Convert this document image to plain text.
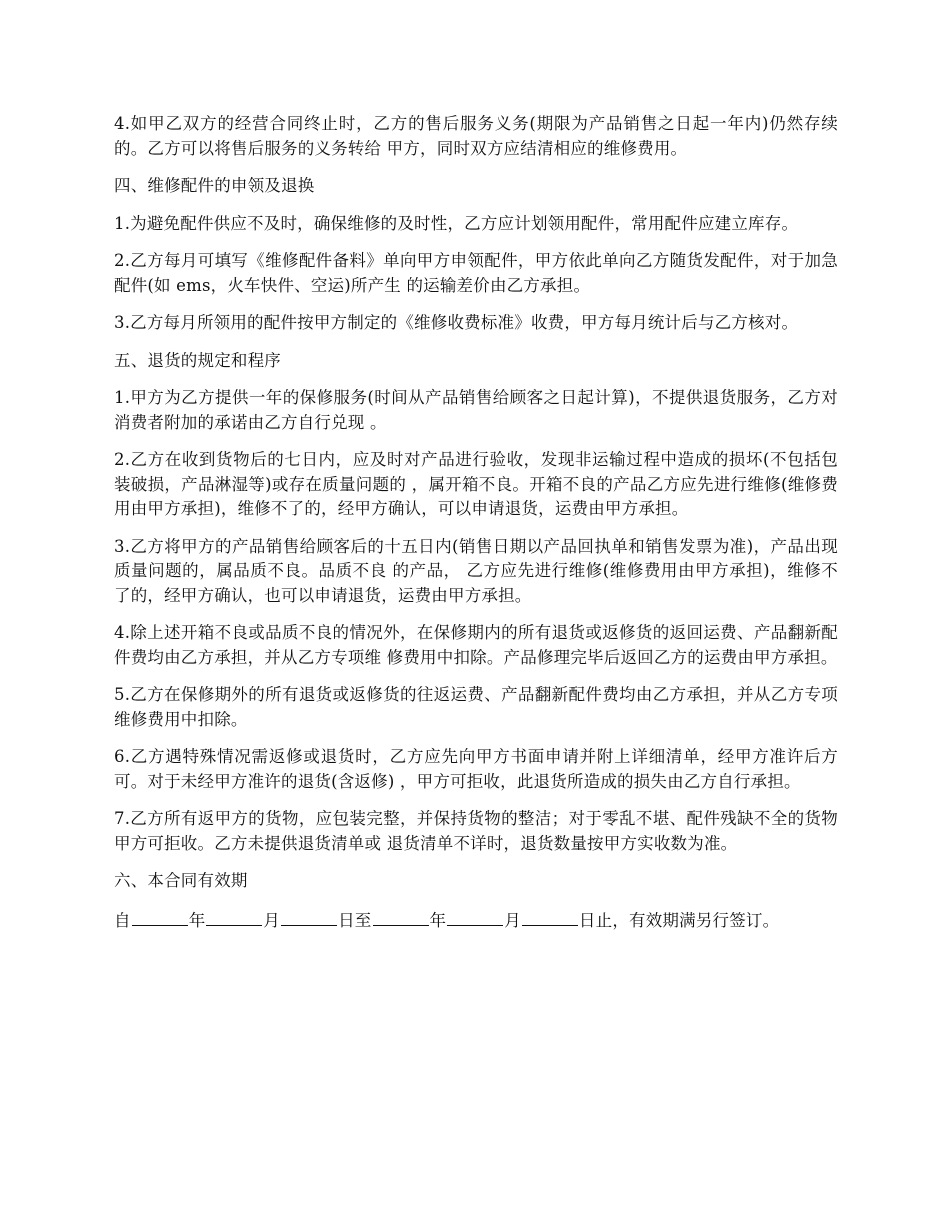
4.如甲乙双方的经营合同终止时，乙方的售后服务义务(期限为产品销售之日起一年内)仍然存续的。乙方可以将售后服务的义务转给 甲方，同时双方应结清相应的维修费用。

四、维修配件的申领及退换

1.为避免配件供应不及时，确保维修的及时性，乙方应计划领用配件，常用配件应建立库存。

2.乙方每月可填写《维修配件备料》单向甲方申领配件，甲方依此单向乙方随货发配件，对于加急配件(如 ems，火车快件、空运)所产生 的运输差价由乙方承担。

3.乙方每月所领用的配件按甲方制定的《维修收费标准》收费，甲方每月统计后与乙方核对。

五、退货的规定和程序

1.甲方为乙方提供一年的保修服务(时间从产品销售给顾客之日起计算)，不提供退货服务，乙方对消费者附加的承诺由乙方自行兑现 。

2.乙方在收到货物后的七日内，应及时对产品进行验收，发现非运输过程中造成的损坏(不包括包装破损，产品淋湿等)或存在质量问题的 ，属开箱不良。开箱不良的产品乙方应先进行维修(维修费用由甲方承担)，维修不了的，经甲方确认，可以申请退货，运费由甲方承担。

3.乙方将甲方的产品销售给顾客后的十五日内(销售日期以产品回执单和销售发票为准)，产品出现质量问题的，属品质不良。品质不良 的产品， 乙方应先进行维修(维修费用由甲方承担)，维修不了的，经甲方确认，也可以申请退货，运费由甲方承担。

4.除上述开箱不良或品质不良的情况外，在保修期内的所有退货或返修货的返回运费、产品翻新配件费均由乙方承担，并从乙方专项维 修费用中扣除。产品修理完毕后返回乙方的运费由甲方承担。

5.乙方在保修期外的所有退货或返修货的往返运费、产品翻新配件费均由乙方承担，并从乙方专项维修费用中扣除。

6.乙方遇特殊情况需返修或退货时，乙方应先向甲方书面申请并附上详细清单，经甲方准许后方可。对于未经甲方准许的退货(含返修) ，甲方可拒收，此退货所造成的损失由乙方自行承担。

7.乙方所有返甲方的货物，应包装完整，并保持货物的整洁；对于零乱不堪、配件残缺不全的货物甲方可拒收。乙方未提供退货清单或 退货清单不详时，退货数量按甲方实收数为准。

六、本合同有效期

自	年	月	日至	年	月	日止，有效期满另行签订。
